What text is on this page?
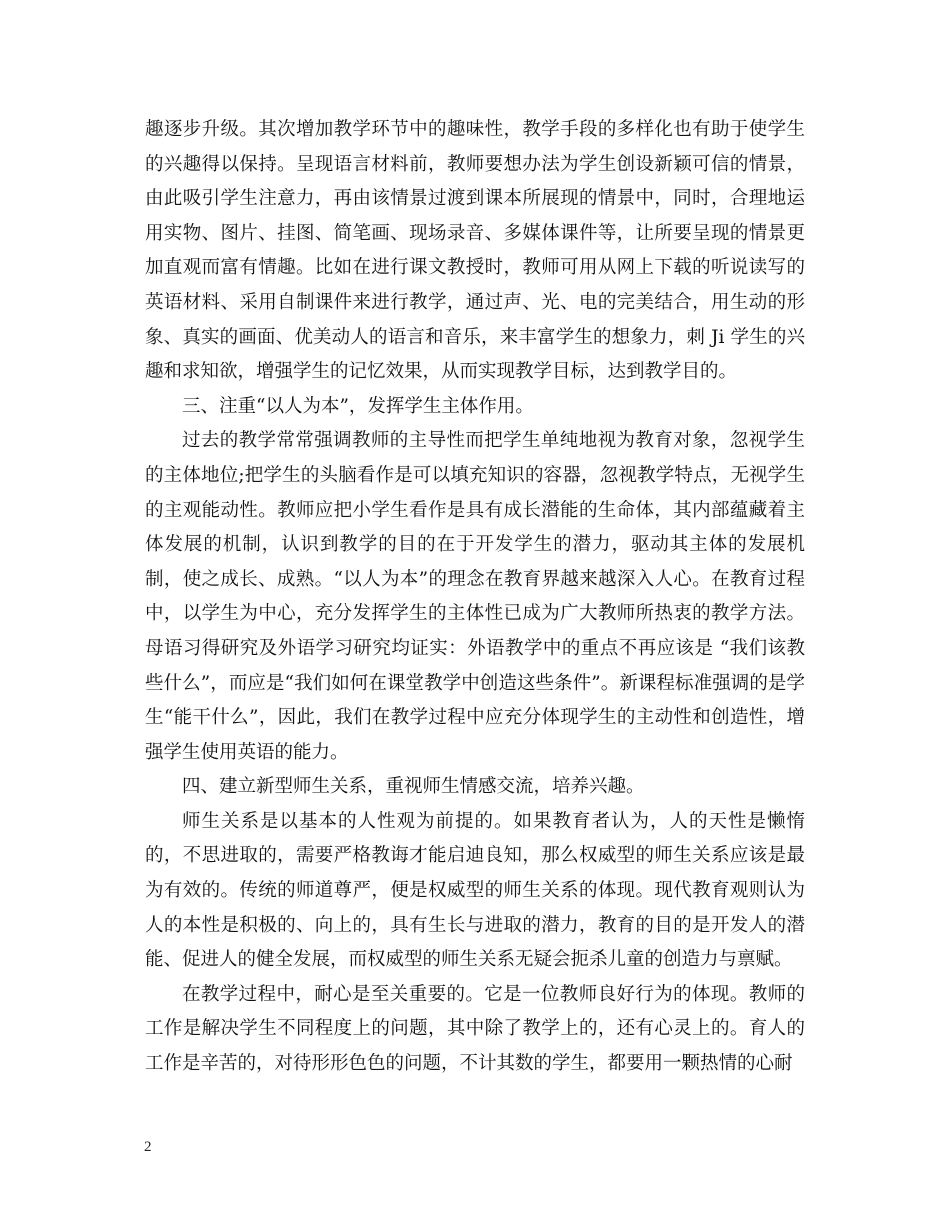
趣逐步升级。其次增加教学环节中的趣味性，教学手段的多样化也有助于使学生的兴趣得以保持。呈现语言材料前，教师要想办法为学生创设新颖可信的情景，由此吸引学生注意力，再由该情景过渡到课本所展现的情景中，同时，合理地运用实物、图片、挂图、简笔画、现场录音、多媒体课件等，让所要呈现的情景更加直观而富有情趣。比如在进行课文教授时，教师可用从网上下载的听说读写的英语材料、采用自制课件来进行教学，通过声、光、电的完美结合，用生动的形象、真实的画面、优美动人的语言和音乐，来丰富学生的想象力，刺 Ji 学生的兴趣和求知欲，增强学生的记忆效果，从而实现教学目标，达到教学目的。

三、注重“以人为本”，发挥学生主体作用。

过去的教学常常强调教师的主导性而把学生单纯地视为教育对象，忽视学生的主体地位;把学生的头脑看作是可以填充知识的容器，忽视教学特点，无视学生的主观能动性。教师应把小学生看作是具有成长潜能的生命体，其内部蕴藏着主体发展的机制，认识到教学的目的在于开发学生的潜力，驱动其主体的发展机制，使之成长、成熟。“以人为本”的理念在教育界越来越深入人心。在教育过程中，以学生为中心，充分发挥学生的主体性已成为广大教师所热衷的教学方法。母语习得研究及外语学习研究均证实：外语教学中的重点不再应该是 “我们该教些什么”，而应是“我们如何在课堂教学中创造这些条件”。新课程标准强调的是学生“能干什么”，因此，我们在教学过程中应充分体现学生的主动性和创造性，增强学生使用英语的能力。

四、建立新型师生关系，重视师生情感交流，培养兴趣。

师生关系是以基本的人性观为前提的。如果教育者认为，人的天性是懒惰的，不思进取的，需要严格教诲才能启迪良知，那么权威型的师生关系应该是最为有效的。传统的师道尊严，便是权威型的师生关系的体现。现代教育观则认为人的本性是积极的、向上的，具有生长与进取的潜力，教育的目的是开发人的潜能、促进人的健全发展，而权威型的师生关系无疑会扼杀儿童的创造力与禀赋。

在教学过程中，耐心是至关重要的。它是一位教师良好行为的体现。教师的工作是解决学生不同程度上的问题，其中除了教学上的，还有心灵上的。育人的工作是辛苦的，对待形形色色的问题，不计其数的学生，都要用一颗热情的心耐

2
